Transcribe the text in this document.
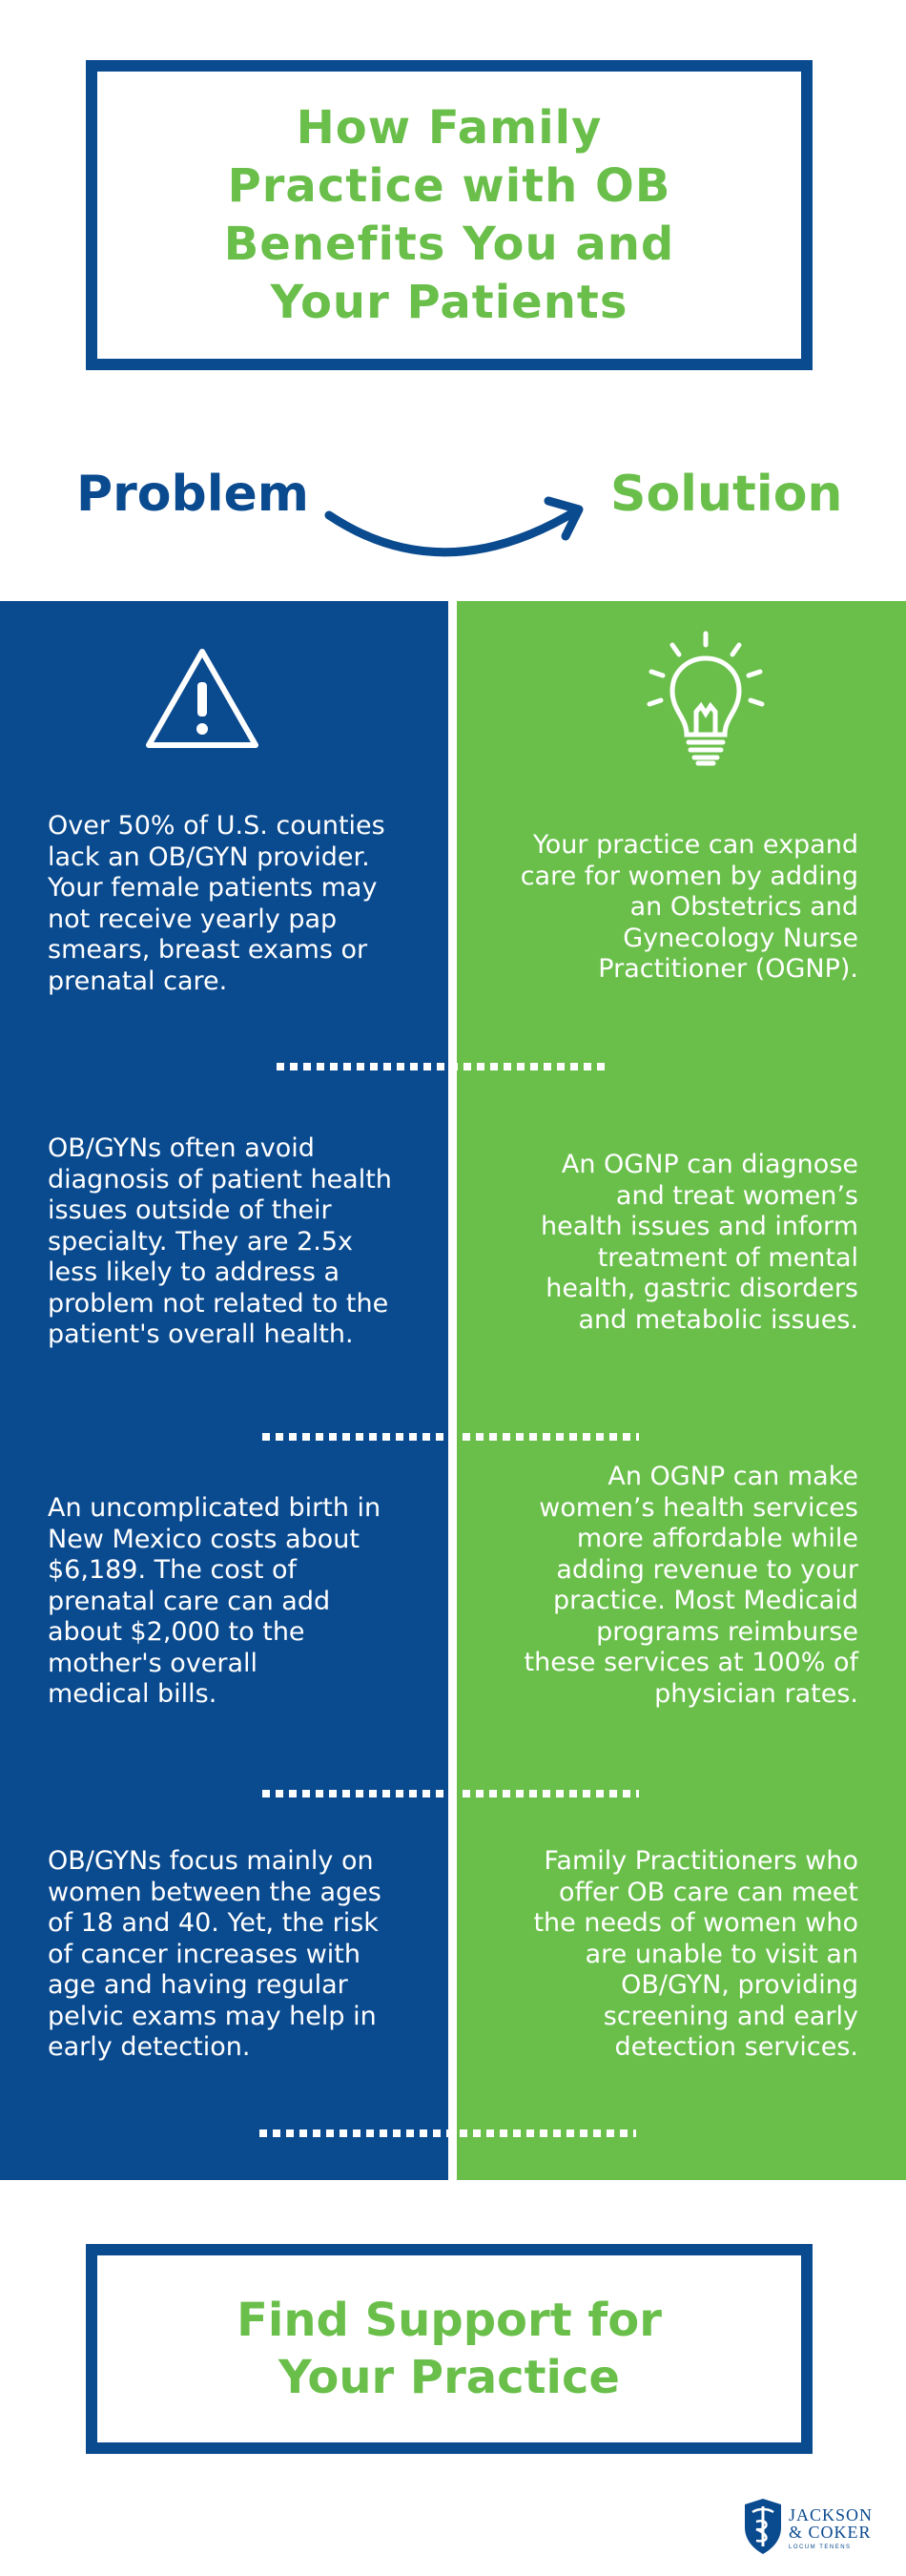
How Family
Practice with OB
Benefits You and
Your Patients
Problem	Solution
Over 50% of U.S. counties
lack an OB/GYN provider.
Your female patients may
not receive yearly pap
smears, breast exams or
prenatal care.
Your practice can expand
care for women by adding
an Obstetrics and
Gynecology Nurse
Practitioner (OGNP).
OB/GYNs often avoid
diagnosis of patient health
issues outside of their
specialty. They are 2.5x
less likely to address a
problem not related to the
patient's overall health.
An OGNP can diagnose
and treat women’s
health issues and inform
treatment of mental
health, gastric disorders
and metabolic issues.
An uncomplicated birth in
New Mexico costs about
$6,189. The cost of
prenatal care can add
about $2,000 to the
mother's overall
medical bills.
An OGNP can make
women’s health services
more affordable while
adding revenue to your
practice. Most Medicaid
programs reimburse
these services at 100% of
physician rates.
OB/GYNs focus mainly on
women between the ages
of 18 and 40. Yet, the risk
of cancer increases with
age and having regular
pelvic exams may help in
early detection.
Family Practitioners who
offer OB care can meet
the needs of women who
are unable to visit an
OB/GYN, providing
screening and early
detection services.
Find Support for
Your Practice
JACKSON
& COKER
LOCUM TENENS
